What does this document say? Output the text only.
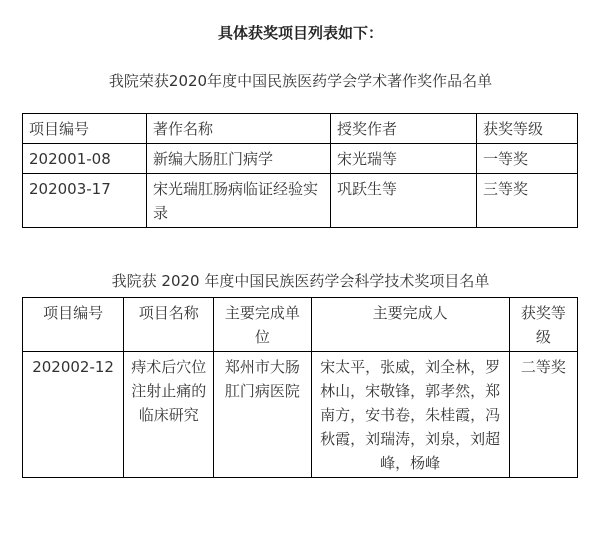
具体获奖项目列表如下：
我院荣获2020年度中国民族医药学会学术著作奖作品名单
项目编号	著作名称	授奖作者	获奖等级
202001-08	新编大肠肛门病学	宋光瑞等	一等奖
202003-17	宋光瑞肛肠病临证经验实录	巩跃生等	三等奖
我院获 2020 年度中国民族医药学会科学技术奖项目名单
项目编号	项目名称	主要完成单位	主要完成人	获奖等级
202002-12	痔术后穴位注射止痛的临床研究	郑州市大肠肛门病医院	宋太平，张威，刘全林，罗林山，宋敬锋，郭孝然，郑南方，安书卷，朱桂霞，冯秋霞，刘瑞涛，刘泉，刘超峰，杨峰	二等奖
